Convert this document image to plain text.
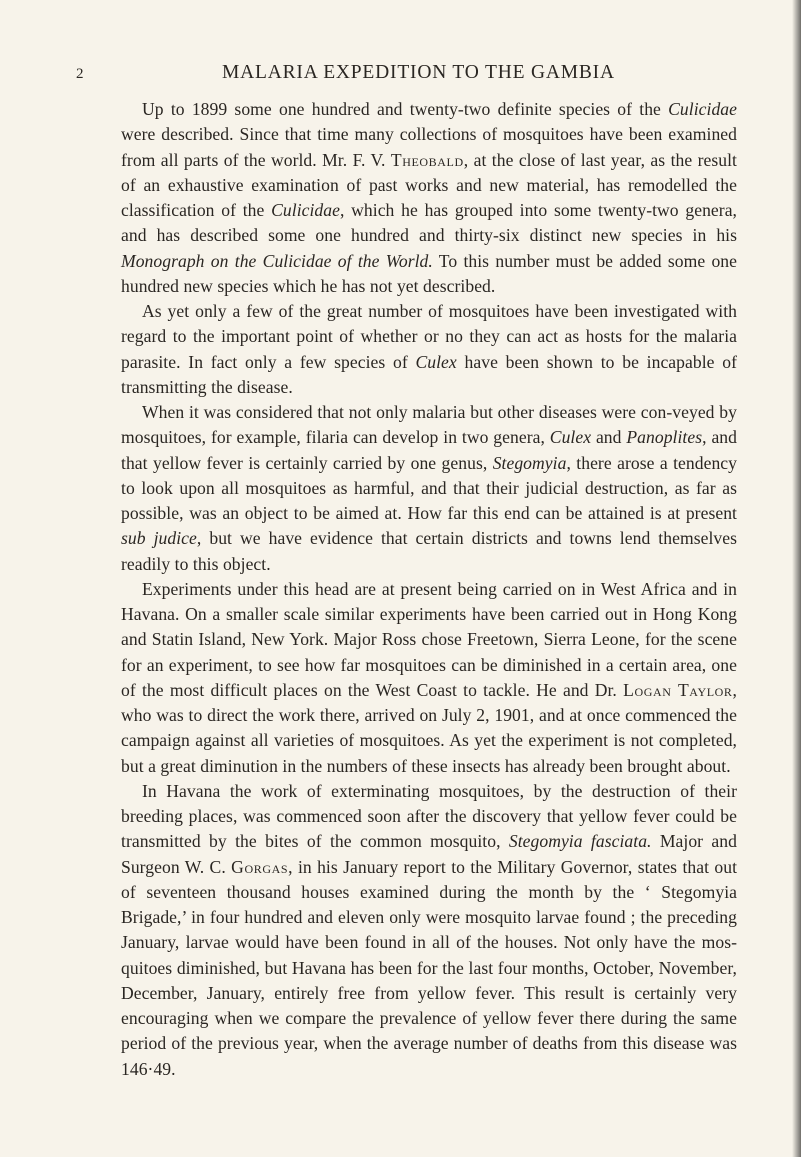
2	MALARIA EXPEDITION TO THE GAMBIA

Up to 1899 some one hundred and twenty-two definite species of the Culicidae were described. Since that time many collections of mosquitoes have been examined from all parts of the world. Mr. F. V. Theobald, at the close of last year, as the result of an exhaustive examination of past works and new material, has remodelled the classification of the Culicidae, which he has grouped into some twenty-two genera, and has described some one hundred and thirty-six distinct new species in his Monograph on the Culicidae of the World. To this number must be added some one hundred new species which he has not yet described.

As yet only a few of the great number of mosquitoes have been investigated with regard to the important point of whether or no they can act as hosts for the malaria parasite. In fact only a few species of Culex have been shown to be incapable of transmitting the disease.

When it was considered that not only malaria but other diseases were con-veyed by mosquitoes, for example, filaria can develop in two genera, Culex and Panoplites, and that yellow fever is certainly carried by one genus, Stegomyia, there arose a tendency to look upon all mosquitoes as harmful, and that their judicial destruction, as far as possible, was an object to be aimed at. How far this end can be attained is at present sub judice, but we have evidence that certain districts and towns lend themselves readily to this object.

Experiments under this head are at present being carried on in West Africa and in Havana. On a smaller scale similar experiments have been carried out in Hong Kong and Statin Island, New York. Major Ross chose Freetown, Sierra Leone, for the scene for an experiment, to see how far mosquitoes can be diminished in a certain area, one of the most difficult places on the West Coast to tackle. He and Dr. Logan Taylor, who was to direct the work there, arrived on July 2, 1901, and at once commenced the campaign against all varieties of mosquitoes. As yet the experiment is not completed, but a great diminution in the numbers of these insects has already been brought about.

In Havana the work of exterminating mosquitoes, by the destruction of their breeding places, was commenced soon after the discovery that yellow fever could be transmitted by the bites of the common mosquito, Stegomyia fasciata. Major and Surgeon W. C. Gorgas, in his January report to the Military Governor, states that out of seventeen thousand houses examined during the month by the ‘ Stegomyia Brigade,’ in four hundred and eleven only were mosquito larvae found ; the preceding January, larvae would have been found in all of the houses. Not only have the mos-quitoes diminished, but Havana has been for the last four months, October, November, December, January, entirely free from yellow fever. This result is certainly very encouraging when we compare the prevalence of yellow fever there during the same period of the previous year, when the average number of deaths from this disease was 146·49.
